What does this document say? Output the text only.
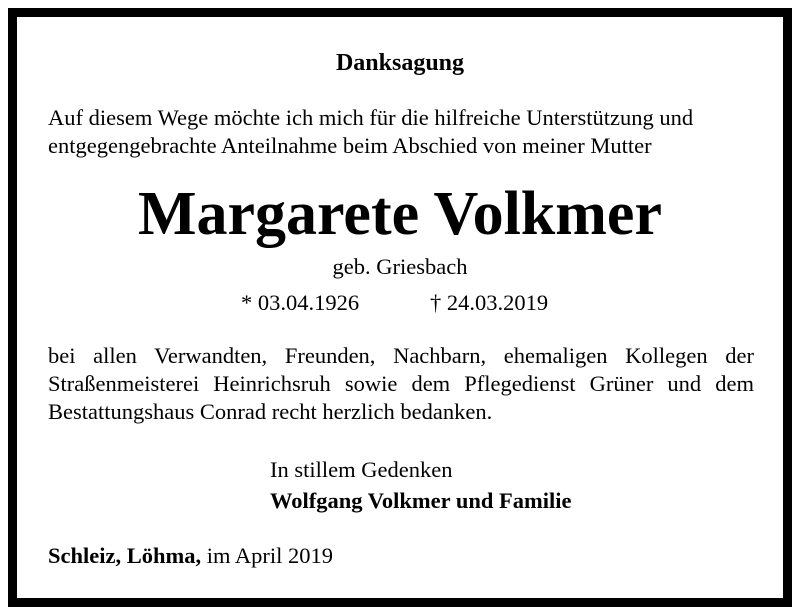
Danksagung

Auf diesem Wege möchte ich mich für die hilfreiche Unterstützung und
entgegengebrachte Anteilnahme beim Abschied von meiner Mutter

Margarete Volkmer

geb. Griesbach

* 03.04.1926	† 24.03.2019

bei allen Verwandten, Freunden, Nachbarn, ehemaligen Kollegen der
Straßenmeisterei Heinrichsruh sowie dem Pflegedienst Grüner und dem
Bestattungshaus Conrad recht herzlich bedanken.

In stillem Gedenken

Wolfgang Volkmer und Familie

Schleiz, Löhma, im April 2019
